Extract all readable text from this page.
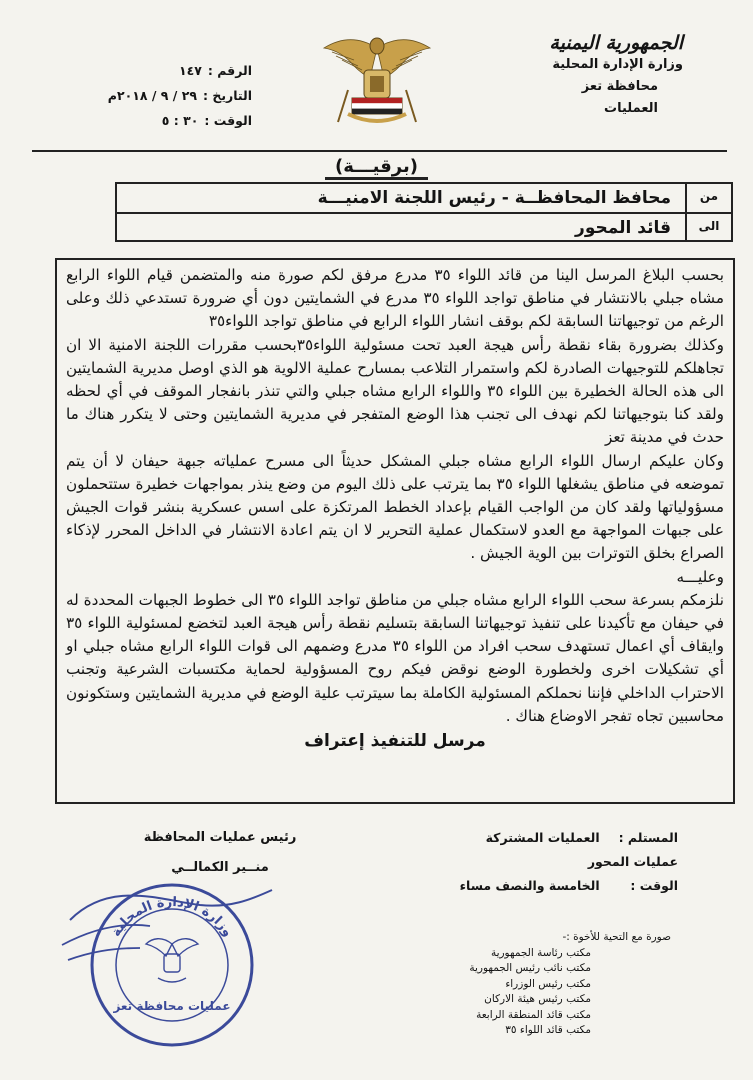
الجمهورية اليمنية
وزارة الإدارة المحلية
محافظة تعز
العمليات
الرقم :
١٤٧
التاريخ :
٢٩ / ٩ / ٢٠١٨م
الوقت :
٣٠ : ٥
(برقيـــة)
من
محافظ المحافظــة - رئيس اللجنة الامنيـــة
الى
قائد المحور

بحسب البلاغ المرسل الينا من قائد اللواء ٣٥ مدرع مرفق لكم صورة منه والمتضمن قيام اللواء الرابع مشاه جبلي بالانتشار في مناطق تواجد اللواء ٣٥ مدرع في الشمايتين دون أي ضرورة تستدعي ذلك وعلى الرغم من توجيهاتنا السابقة لكم بوقف انشار اللواء الرابع في مناطق تواجد اللواء٣٥

وكذلك بضرورة بقاء نقطة رأس هيجة العبد تحت مسئولية اللواء٣٥بحسب مقررات اللجنة الامنية الا ان تجاهلكم للتوجيهات الصادرة لكم واستمرار التلاعب بمسارح عملية الالوية هو الذي اوصل مديرية الشمايتين الى هذه الحالة الخطيرة بين اللواء ٣٥ واللواء الرابع مشاه جبلي والتي تنذر بانفجار الموقف في أي لحظه ولقد كنا بتوجيهاتنا لكم نهدف الى تجنب هذا الوضع المتفجر في مديرية الشمايتين وحتى لا يتكرر هناك ما حدث في مدينة تعز

وكان عليكم ارسال اللواء الرابع مشاه جبلي المشكل حديثاً الى مسرح عملياته جبهة حيفان لا أن يتم تموضعه في مناطق يشغلها اللواء ٣٥ بما يترتب على ذلك اليوم من وضع ينذر بمواجهات خطيرة ستتحملون مسؤولياتها ولقد كان من الواجب القيام بإعداد الخطط المرتكزة على اسس عسكرية بنشر قوات الجيش على جبهات المواجهة مع العدو لاستكمال عملية التحرير لا ان يتم اعادة الانتشار في الداخل المحرر لإذكاء الصراع بخلق التوترات بين الوية الجيش .

وعليـــه

نلزمكم بسرعة سحب اللواء الرابع مشاه جبلي من مناطق تواجد اللواء ٣٥ الى خطوط الجبهات المحددة له في حيفان مع تأكيدنا على تنفيذ توجيهاتنا السابقة بتسليم نقطة رأس هيجة العبد لتخضع لمسئولية اللواء ٣٥ وايقاف أي اعمال تستهدف سحب افراد من اللواء ٣٥ مدرع وضمهم الى قوات اللواء الرابع مشاه جبلي او أي تشكيلات اخرى ولخطورة الوضع نوقض فيكم روح المسؤولية لحماية مكتسبات الشرعية وتجنب الاحتراب الداخلي فإننا نحملكم المسئولية الكاملة بما سيترتب علية الوضع في مديرية الشمايتين وستكونون محاسبين تجاه تفجر الاوضاع هناك .

مرسل للتنفيذ إعتراف

رئيس عمليات المحافظة
منــير الكمالــي
وزارة الإدارة المحلية
عمليات محافظة تعز
المستلم : العمليات المشتركة
عمليات المحور
الوقت : الخامسة والنصف مساء
صورة مع التحية للأخوة :-
مكتب رئاسة الجمهورية
مكتب نائب رئيس الجمهورية
مكتب رئيس الوزراء
مكتب رئيس هيئة الاركان
مكتب قائد المنطقة الرابعة
مكتب قائد اللواء ٣٥
